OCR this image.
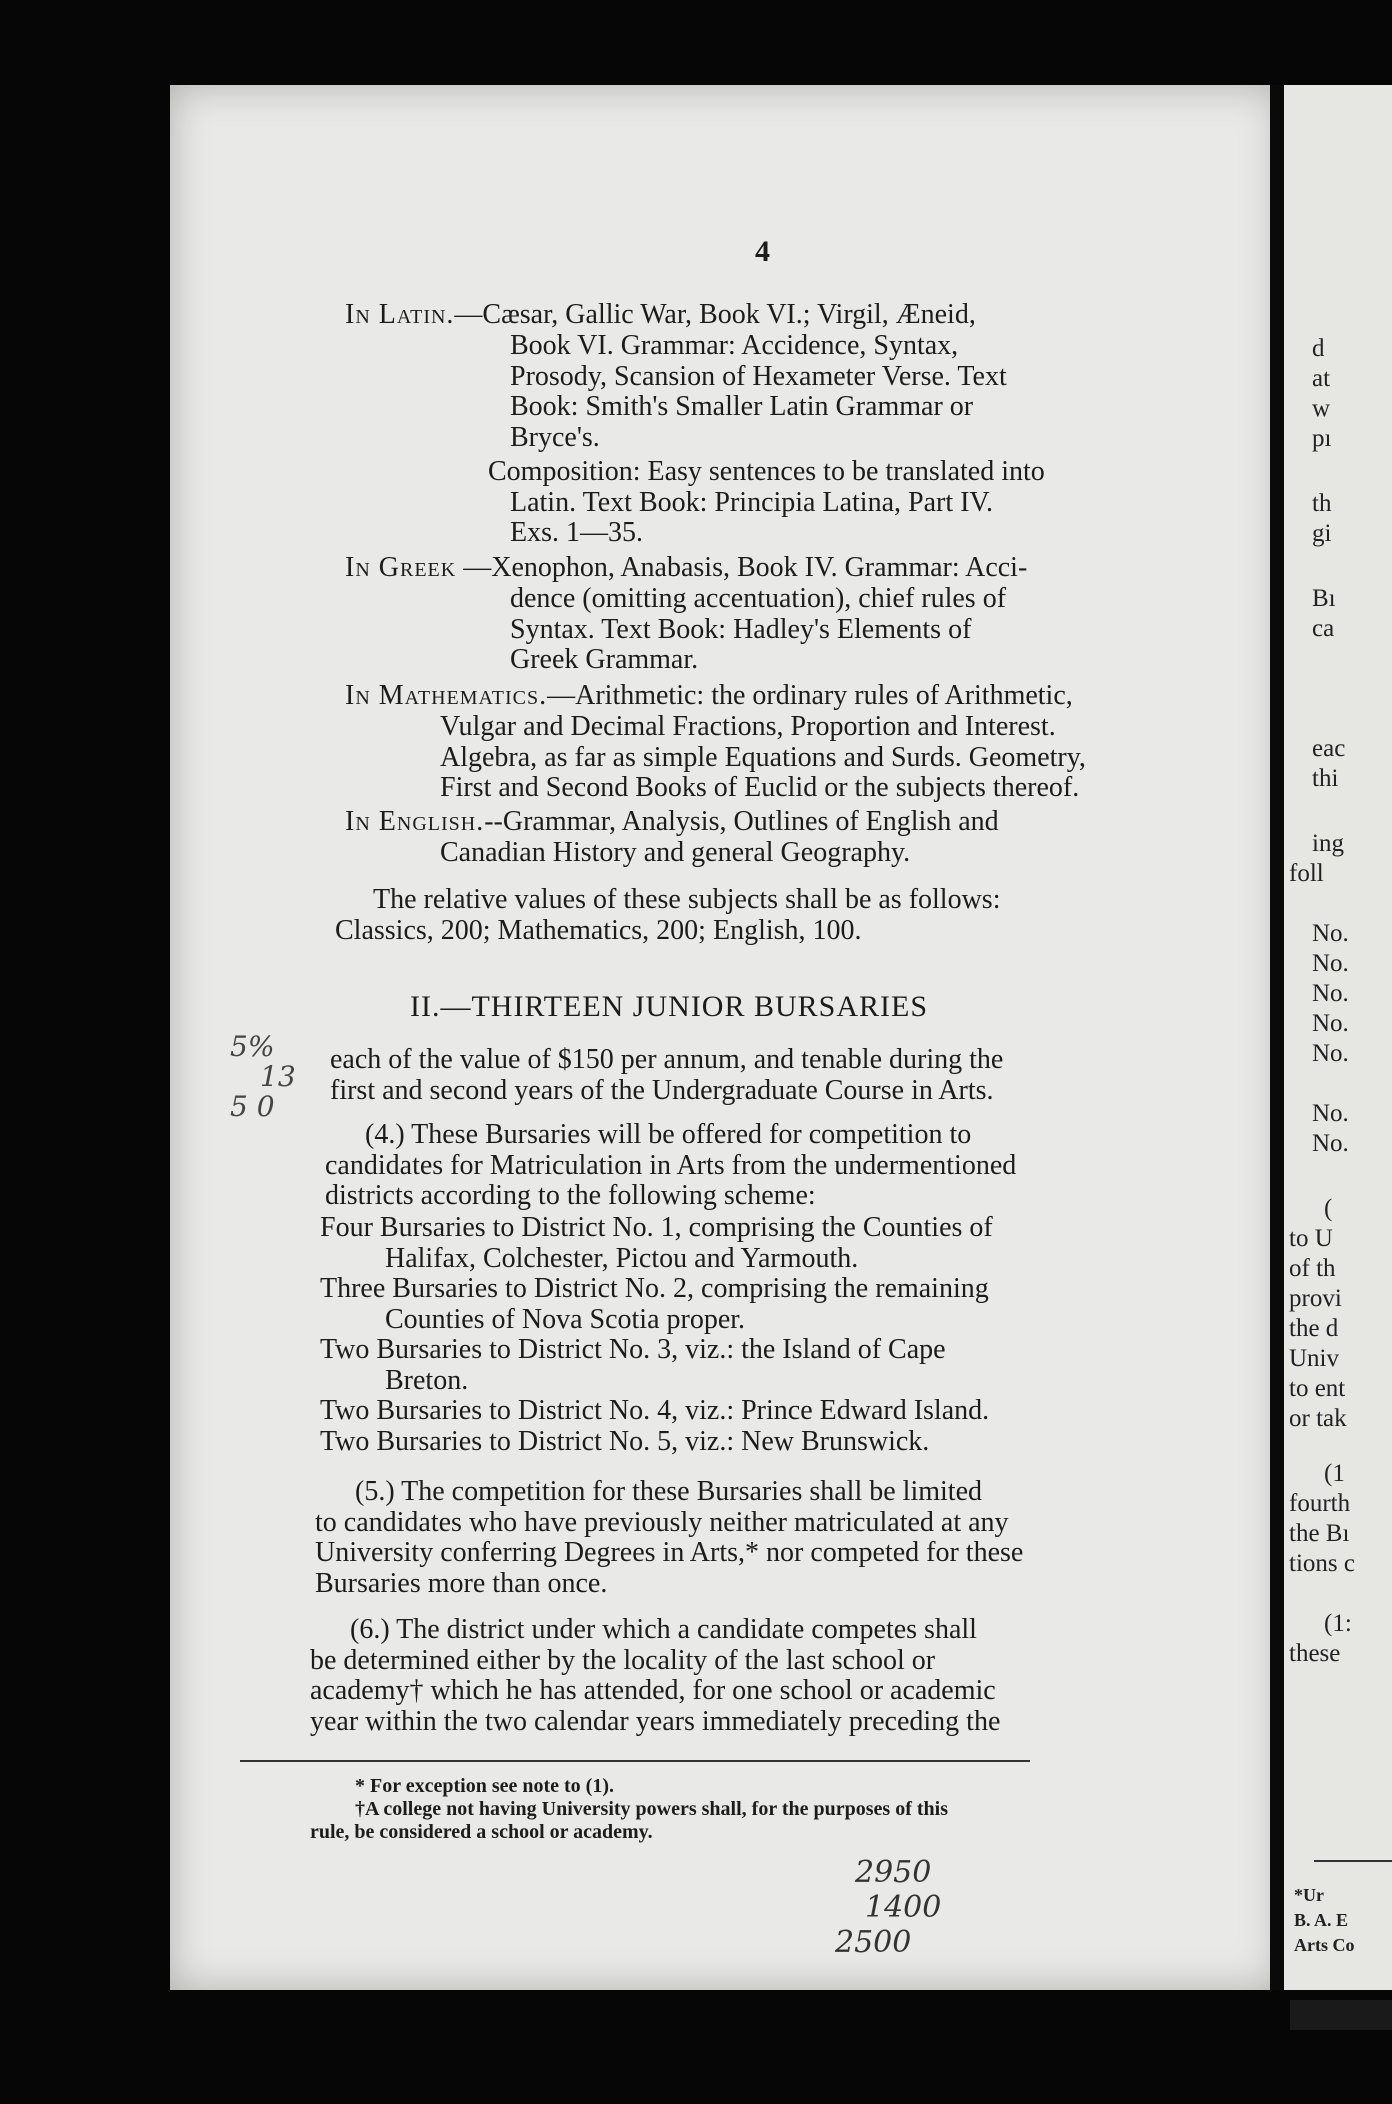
4
In Latin.—Cæsar, Gallic War, Book VI.; Virgil, Æneid,
Book VI. Grammar: Accidence, Syntax,
Prosody, Scansion of Hexameter Verse. Text
Book: Smith's Smaller Latin Grammar or
Bryce's.
Composition: Easy sentences to be translated into
Latin. Text Book: Principia Latina, Part IV.
Exs. 1—35.
In Greek —Xenophon, Anabasis, Book IV. Grammar: Acci-
dence (omitting accentuation), chief rules of
Syntax. Text Book: Hadley's Elements of
Greek Grammar.
In Mathematics.—Arithmetic: the ordinary rules of Arithmetic,
Vulgar and Decimal Fractions, Proportion and Interest.
Algebra, as far as simple Equations and Surds. Geometry,
First and Second Books of Euclid or the subjects thereof.
In English.--Grammar, Analysis, Outlines of English and
Canadian History and general Geography.
The relative values of these subjects shall be as follows:
Classics, 200; Mathematics, 200; English, 100.
II.—THIRTEEN JUNIOR BURSARIES
each of the value of $150 per annum, and tenable during the
first and second years of the Undergraduate Course in Arts.
(4.) These Bursaries will be offered for competition to
candidates for Matriculation in Arts from the undermentioned
districts according to the following scheme:
Four Bursaries to District No. 1, comprising the Counties of
Halifax, Colchester, Pictou and Yarmouth.
Three Bursaries to District No. 2, comprising the remaining
Counties of Nova Scotia proper.
Two Bursaries to District No. 3, viz.: the Island of Cape
Breton.
Two Bursaries to District No. 4, viz.: Prince Edward Island.
Two Bursaries to District No. 5, viz.: New Brunswick.
(5.) The competition for these Bursaries shall be limited
to candidates who have previously neither matriculated at any
University conferring Degrees in Arts,* nor competed for these
Bursaries more than once.
(6.) The district under which a candidate competes shall
be determined either by the locality of the last school or
academy† which he has attended, for one school or academic
year within the two calendar years immediately preceding the
* For exception see note to (1).
†A college not having University powers shall, for the purposes of this
rule, be considered a school or academy.
2950
1400
2500
5%
13
5 0
d
at
w
pı
th
gi
Bı
ca
eac
thi
ing
foll
No.
No.
No.
No.
No.
No.
No.
(
to U
of th
provi
the d
Univ
to ent
or tak
(1
fourth
the Bı
tions c
(1:
these
*Ur
B. A. E
Arts Co
